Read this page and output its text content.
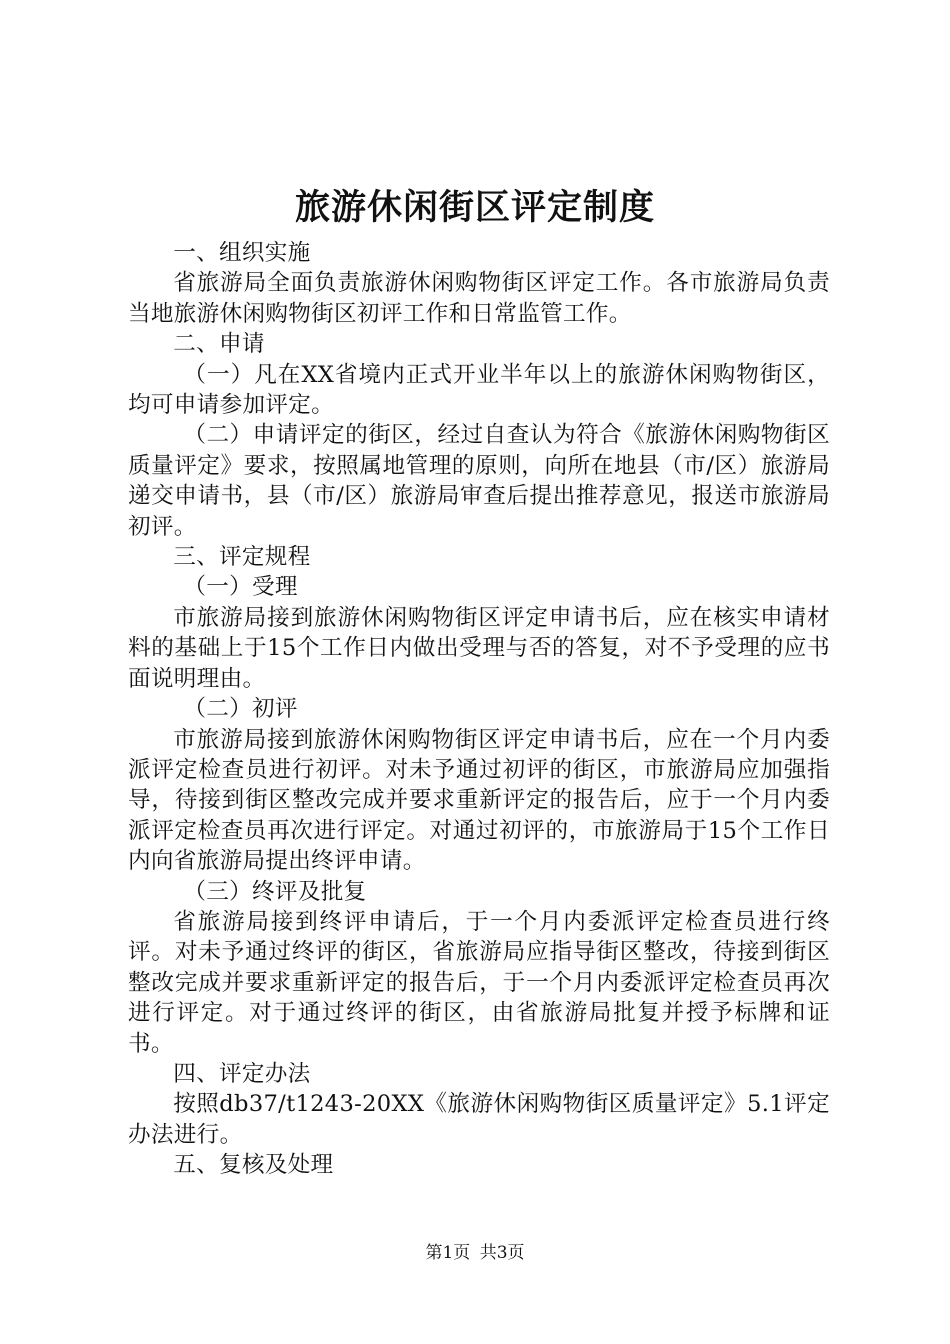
旅游休闲街区评定制度

一、组织实施

省旅游局全面负责旅游休闲购物街区评定工作。各市旅游局负责当地旅游休闲购物街区初评工作和日常监管工作。

二、申请

（一）凡在XX省境内正式开业半年以上的旅游休闲购物街区，均可申请参加评定。

（二）申请评定的街区，经过自查认为符合《旅游休闲购物街区质量评定》要求，按照属地管理的原则，向所在地县（市/区）旅游局递交申请书，县（市/区）旅游局审查后提出推荐意见，报送市旅游局初评。

三、评定规程

（一）受理

市旅游局接到旅游休闲购物街区评定申请书后，应在核实申请材料的基础上于15个工作日内做出受理与否的答复，对不予受理的应书面说明理由。

（二）初评

市旅游局接到旅游休闲购物街区评定申请书后，应在一个月内委派评定检查员进行初评。对未予通过初评的街区，市旅游局应加强指导，待接到街区整改完成并要求重新评定的报告后，应于一个月内委派评定检查员再次进行评定。对通过初评的，市旅游局于15个工作日内向省旅游局提出终评申请。

（三）终评及批复

省旅游局接到终评申请后，于一个月内委派评定检查员进行终评。对未予通过终评的街区，省旅游局应指导街区整改，待接到街区整改完成并要求重新评定的报告后，于一个月内委派评定检查员再次进行评定。对于通过终评的街区，由省旅游局批复并授予标牌和证书。

四、评定办法

按照db37/t1243-20XX《旅游休闲购物街区质量评定》5.1评定办法进行。

五、复核及处理

第1页 共3页
